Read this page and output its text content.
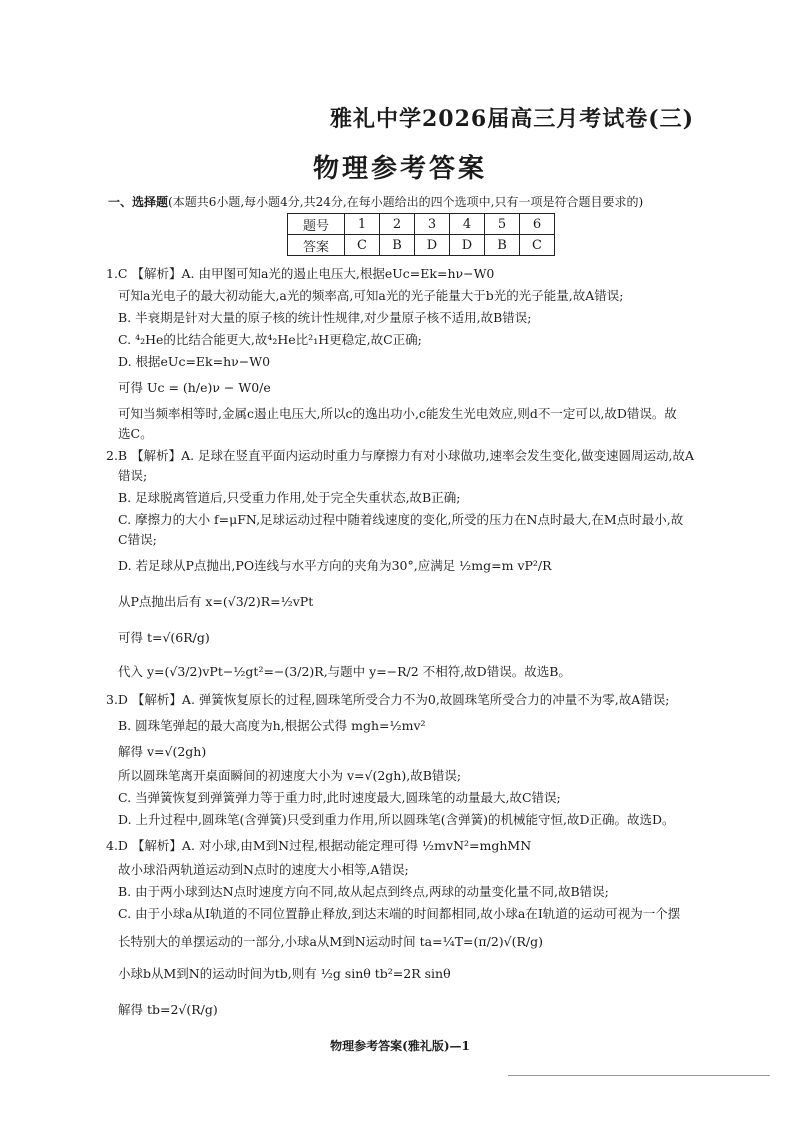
雅礼中学2026届高三月考试卷(三)
物理参考答案
一、选择题(本题共6小题,每小题4分,共24分,在每小题给出的四个选项中,只有一项是符合题目要求的)
题号	1	2	3	4	5	6
答案	C	B	D	D	B	C
1.C 【解析】A. 由甲图可知a光的遏止电压大,根据eUc=Ek=hν−W0
可知a光电子的最大初动能大,a光的频率高,可知a光的光子能量大于b光的光子能量,故A错误;
B. 半衰期是针对大量的原子核的统计性规律,对少量原子核不适用,故B错误;
C. ⁴₂He的比结合能更大,故⁴₂He比²₁H更稳定,故C正确;
D. 根据eUc=Ek=hν−W0
可得 Uc = (h/e)ν − W0/e
可知当频率相等时,金属c遏止电压大,所以c的逸出功小,c能发生光电效应,则d不一定可以,故D错误。故
选C。
2.B 【解析】A. 足球在竖直平面内运动时重力与摩擦力有对小球做功,速率会发生变化,做变速圆周运动,故A
错误;
B. 足球脱离管道后,只受重力作用,处于完全失重状态,故B正确;
C. 摩擦力的大小 f=μFN,足球运动过程中随着线速度的变化,所受的压力在N点时最大,在M点时最小,故
C错误;
D. 若足球从P点抛出,PO连线与水平方向的夹角为30°,应满足 ½mg=m vP²/R
从P点抛出后有 x=(√3/2)R=½vPt
可得 t=√(6R/g)
代入 y=(√3/2)vPt−½gt²=−(3/2)R,与题中 y=−R/2 不相符,故D错误。故选B。
3.D 【解析】A. 弹簧恢复原长的过程,圆珠笔所受合力不为0,故圆珠笔所受合力的冲量不为零,故A错误;
B. 圆珠笔弹起的最大高度为h,根据公式得 mgh=½mv²
解得 v=√(2gh)
所以圆珠笔离开桌面瞬间的初速度大小为 v=√(2gh),故B错误;
C. 当弹簧恢复到弹簧弹力等于重力时,此时速度最大,圆珠笔的动量最大,故C错误;
D. 上升过程中,圆珠笔(含弹簧)只受到重力作用,所以圆珠笔(含弹簧)的机械能守恒,故D正确。故选D。
4.D 【解析】A. 对小球,由M到N过程,根据动能定理可得 ½mvN²=mghMN
故小球沿两轨道运动到N点时的速度大小相等,A错误;
B. 由于两小球到达N点时速度方向不同,故从起点到终点,两球的动量变化量不同,故B错误;
C. 由于小球a从Ⅰ轨道的不同位置静止释放,到达末端的时间都相同,故小球a在Ⅰ轨道的运动可视为一个摆
长特别大的单摆运动的一部分,小球a从M到N运动时间 ta=¼T=(π/2)√(R/g)
小球b从M到N的运动时间为tb,则有 ½g sinθ tb²=2R sinθ
解得 tb=2√(R/g)
物理参考答案(雅礼版)—1
